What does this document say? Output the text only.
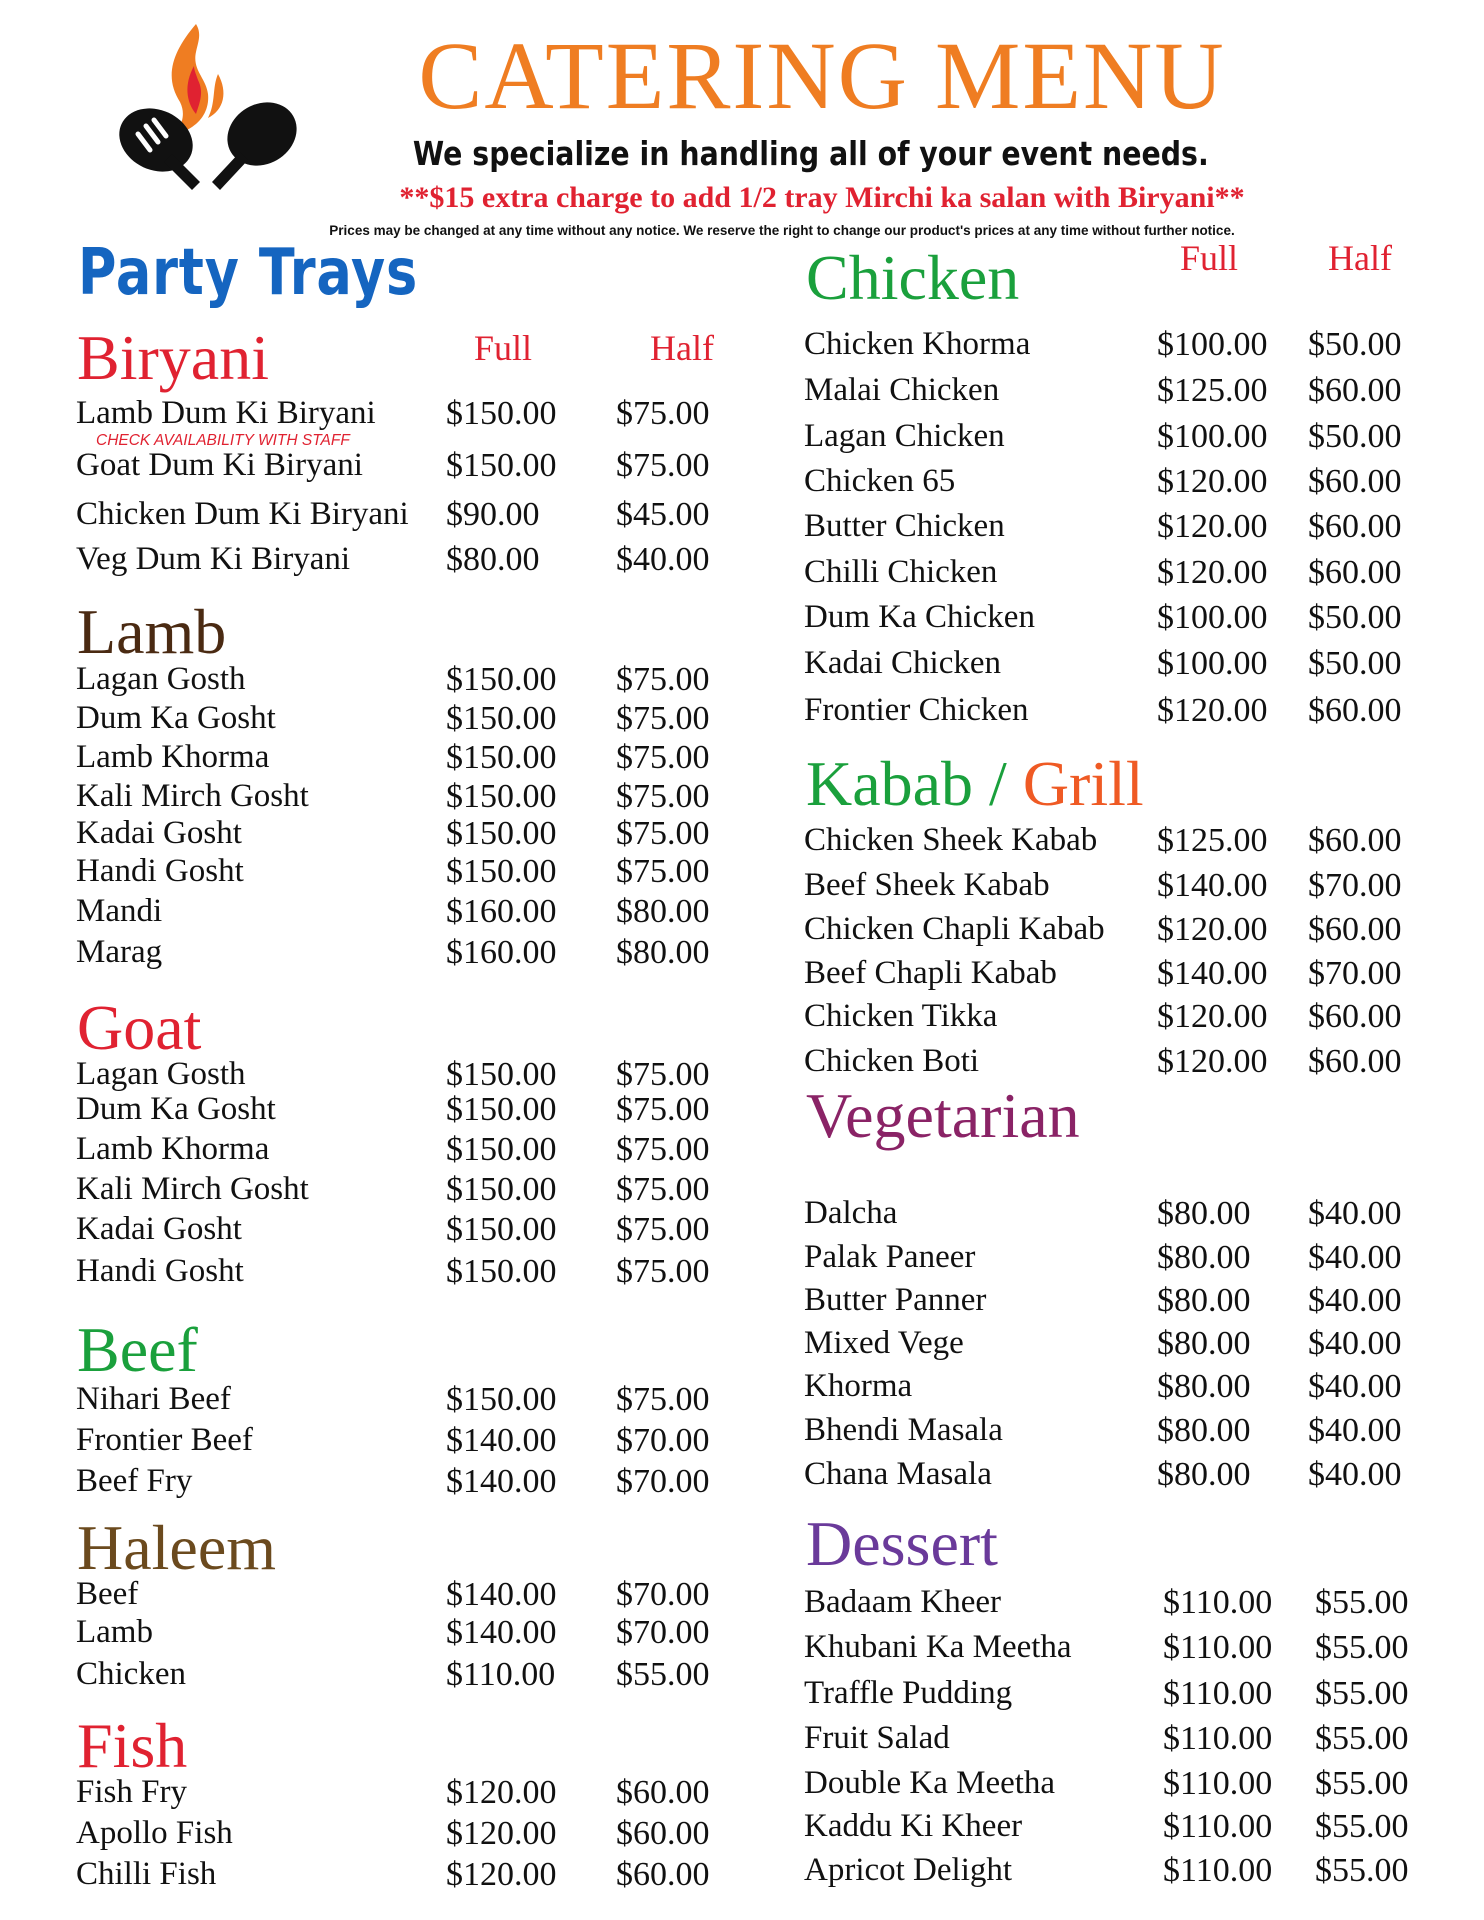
CATERING MENU
We specialize in handling all of your event needs.
**$15 extra charge to add 1/2 tray Mirchi ka salan with Biryani**
Prices may be changed at any time without any notice. We reserve the right to change our product's prices at any time without further notice.
Party Trays
Biryani	Full	Half
CHECK AVAILABILITY WITH STAFF
Lamb Dum Ki Biryani $150.00 $75.00
Goat Dum Ki Biryani $150.00 $75.00
Chicken Dum Ki Biryani $90.00 $45.00
Veg Dum Ki Biryani	$80.00 $40.00
Lagan Gosth	$150.00 $75.00
Dum Ka Gosht	$150.00 $75.00
Lamb Khorma	$150.00 $75.00
Kali Mirch Gosht	$150.00 $75.00
Kadai Gosht	$150.00 $75.00
Handi Gosht	$150.00 $75.00
Mandi	$160.00 $80.00
Marag	$160.00 $80.00
Lagan Gosth	$150.00 $75.00
Dum Ka Gosht	$150.00 $75.00
Lamb Khorma	$150.00 $75.00
Kali Mirch Gosht	$150.00 $75.00
Kadai Gosht	$150.00 $75.00
Handi Gosht	$150.00 $75.00
Nihari Beef	$150.00 $75.00
Frontier Beef	$140.00 $70.00
Beef Fry	$140.00 $70.00
Beef	$140.00 $70.00
Lamb	$140.00 $70.00
Chicken	$110.00 $55.00
Fish Fry	$120.00 $60.00
Apollo Fish	$120.00 $60.00
Chilli Fish	$120.00 $60.00
Chicken Khorma	$100.00 $50.00
Malai Chicken	$125.00 $60.00
Lagan Chicken	$100.00 $50.00
Chicken 65	$120.00 $60.00
Butter Chicken	$120.00 $60.00
Chilli Chicken	$120.00 $60.00
Dum Ka Chicken	$100.00 $50.00
Kadai Chicken	$100.00 $50.00
Frontier Chicken	$120.00 $60.00
Chicken Sheek Kabab $125.00 $60.00
Beef Sheek Kabab	$140.00 $70.00
Chicken Chapli Kabab $120.00 $60.00
Beef Chapli Kabab	$140.00 $70.00
Chicken Tikka	$120.00 $60.00
Chicken Boti	$120.00 $60.00
Dalcha	$80.00 $40.00
Palak Paneer	$80.00 $40.00
Butter Panner	$80.00 $40.00
Mixed Vege	$80.00 $40.00
Khorma	$80.00 $40.00
Bhendi Masala	$80.00 $40.00
Chana Masala	$80.00 $40.00
Badaam Kheer	$110.00 $55.00
Khubani Ka Meetha	$110.00 $55.00
Traffle Pudding	$110.00 $55.00
Fruit Salad	$110.00 $55.00
Double Ka Meetha	$110.00 $55.00
Kaddu Ki Kheer	$110.00 $55.00
Apricot Delight	$110.00 $55.00
Full Half
Chicken
Kabab / Grill
Vegetarian
Dessert
Lamb
Goat
Beef
Haleem
Fish
